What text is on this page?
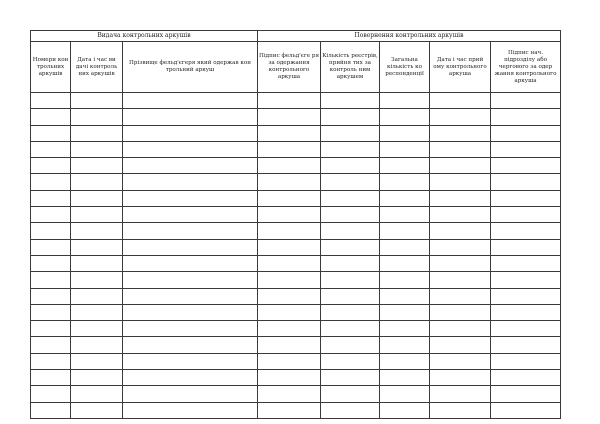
Видача контрольних аркушів			Повернення контрольних аркушів				
Номери кон трольних аркушів	Дата і час ви дачі контроль них аркушів	Прізвище фельд'єгеря який одержав кон трольний аркуш	Підпис фельд'єге ря за одержання контрольного аркуша	Кількість реєстрів, прийня тих за контроль ним аркушем	Загальна кількість ко респонденції	Дата і час прий ому контрольного аркуша	Підпис нач. підрозділу або чергового за одер жання контрольного аркуша
